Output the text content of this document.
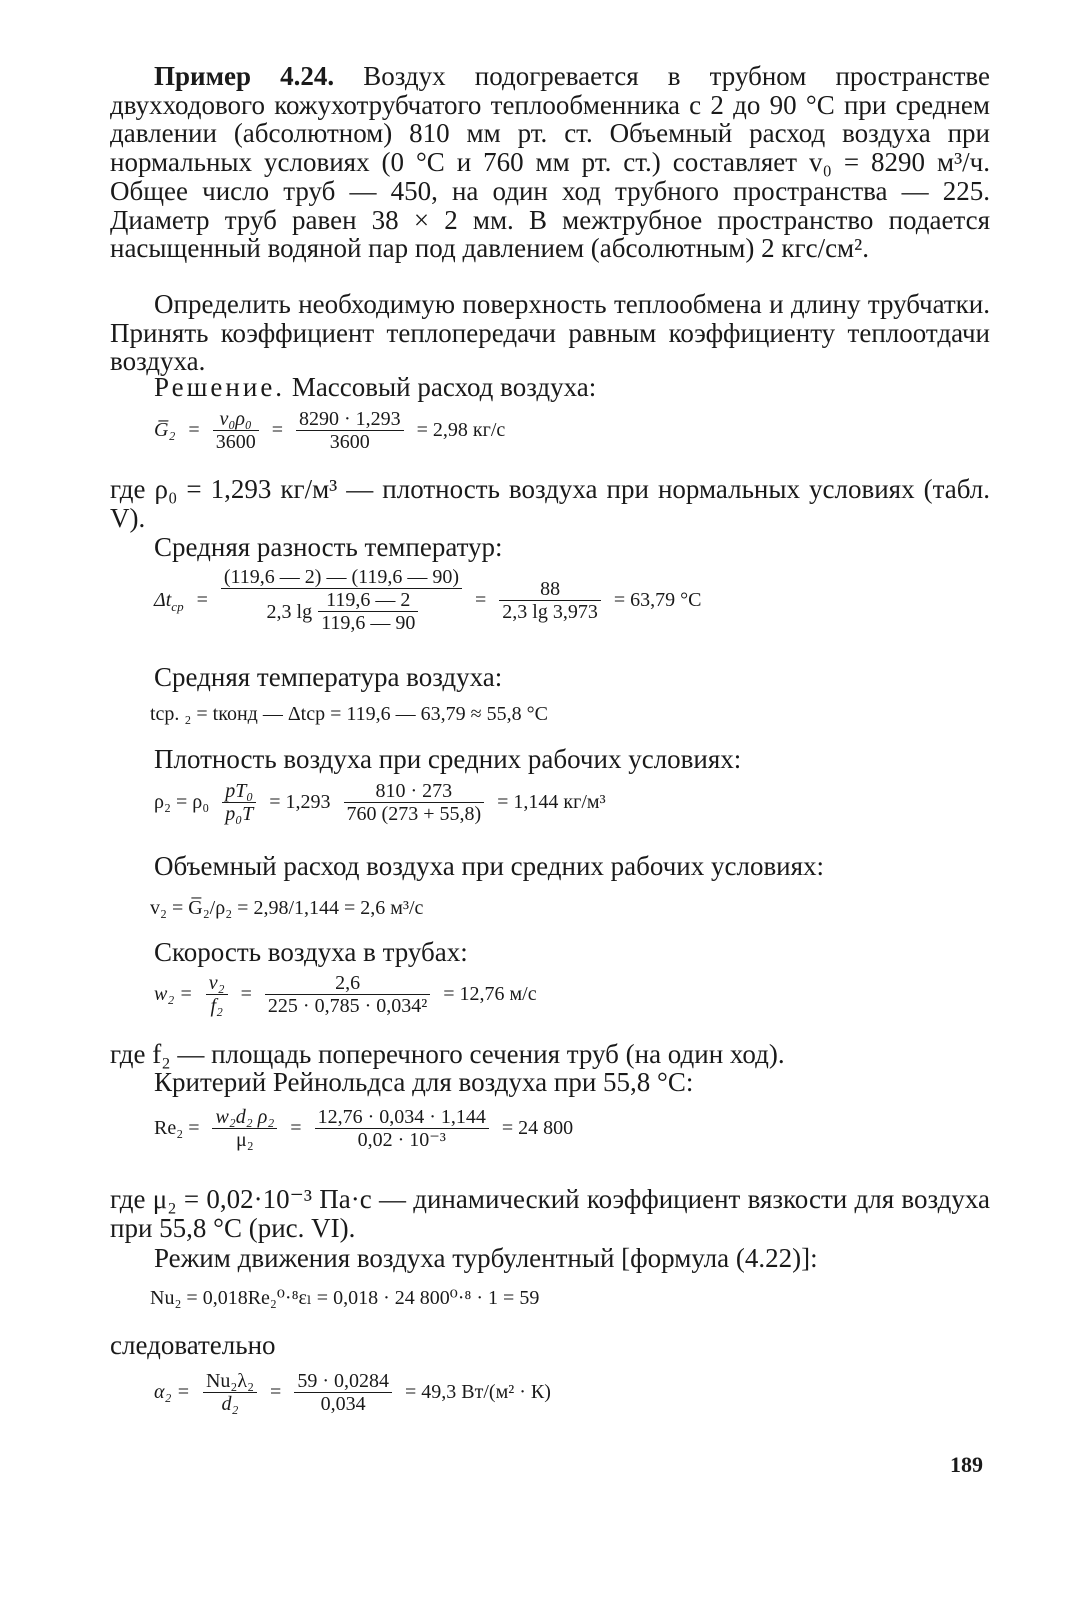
Пример 4.24. Воздух подогревается в трубном пространстве двухходового кожухотрубчатого теплообменника с 2 до 90 °С при среднем давлении (абсолютном) 810 мм рт. ст. Объемный расход воздуха при нормальных условиях (0 °С и 760 мм рт. ст.) составляет v₀ = 8290 м³/ч. Общее число труб — 450, на один ход трубного пространства — 225. Диаметр труб равен 38 × 2 мм. В межтрубное пространство подается насыщенный водяной пар под давлением (абсолютным) 2 кгс/см².

Определить необходимую поверхность теплообмена и длину трубчатки. Принять коэффициент теплопередачи равным коэффициенту теплоотдачи воздуха.

Решение. Массовый расход воздуха:
G̅₂ = $\frac{\text{v₀ρ₀}}{3600} = \frac{8290 \cdot 1,293}{3600} = 2,98$ кг/с

где ρ₀ = 1,293 кг/м³ — плотность воздуха при нормальных условиях (табл. V).

Средняя разность температур:
$\Delta t_{ср} = \frac{(119,6 — 2) — (119,6 — 90)}{2,3 \lg \frac{119,6 — 2}{119,6 — 90}} = \frac{88}{2,3 \lg 3,973} = 63,79$ °С
Средняя температура воздуха:
tср. ₂ = tконд — Δtср = 119,6 — 63,79 ≈ 55,8 °С
Плотность воздуха при средних рабочих условиях:
$\rho_2 = \rho_0 \frac{\text{pT₀}}{\text{p₀T}} = 1,293 \frac{810 \cdot 273}{760 (273 + 55,8)} = 1,144$ кг/м³
Объемный расход воздуха при средних рабочих условиях:
v₂ = G̅₂/ρ₂ = 2,98/1,144 = 2,6 м³/с
Скорость воздуха в трубах:
$w_2 = \frac{\text{v₂}}{\text{f₂}} = \frac{2,6}{\text{225 · 0,785 · 0,034²}} = 12,76$ м/с

где f₂ — площадь поперечного сечения труб (на один ход).

Критерий Рейнольдса для воздуха при 55,8 °С:
$Re_2 = \frac{\text{w₂d₂ ρ₂}}{\text{μ₂}} = \frac{12,76 \cdot 0,034 \cdot 1,144}{\text{0,02 · 10⁻³}} = 24$ 800

где μ₂ = 0,02·10⁻³ Па·с — динамический коэффициент вязкости для воздуха при 55,8 °С (рис. VI).

Режим движения воздуха турбулентный [формула (4.22)]:
Nu₂ = 0,018Re₂⁰·⁸εₗ = 0,018 · 24 800⁰·⁸ · 1 = 59
следовательно
$\alpha_2 = \frac{\text{Nu₂λ₂}}{\text{d₂}} = \frac{59 \cdot 0,0284}{0,034} = 49,3$ Вт/(м² · К)
189
